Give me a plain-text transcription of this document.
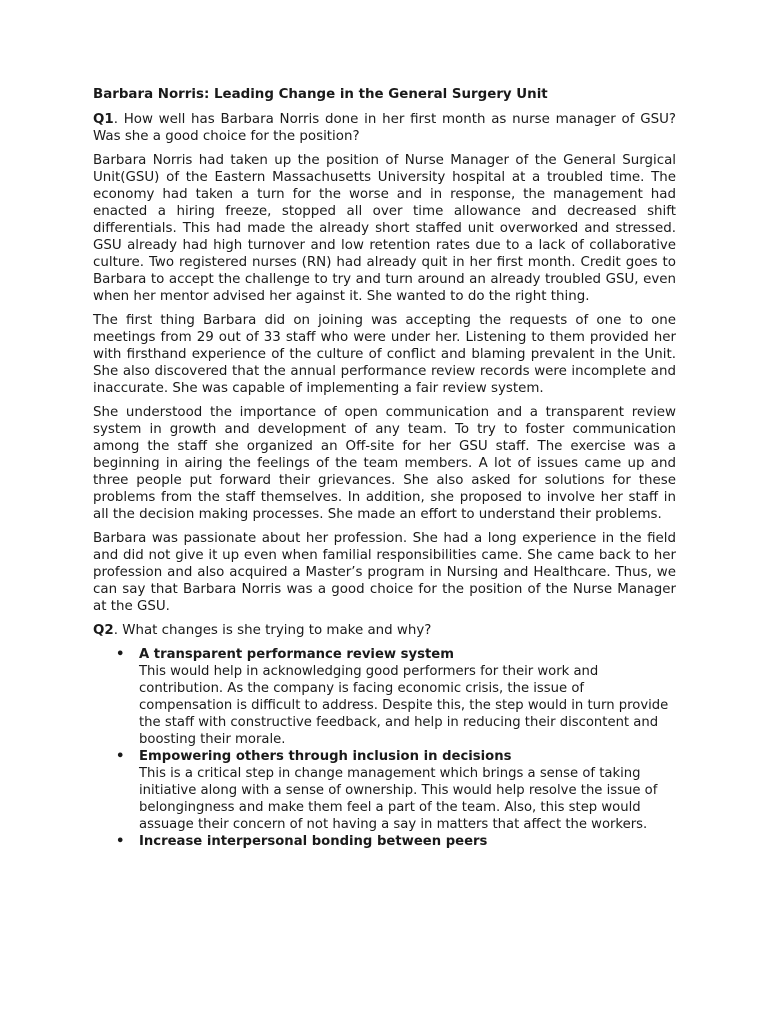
Barbara Norris: Leading Change in the General Surgery Unit

Q1. How well has Barbara Norris done in her first month as nurse manager of GSU? Was she a good choice for the position?

Barbara Norris had taken up the position of Nurse Manager of the General Surgical Unit(GSU) of the Eastern Massachusetts University hospital at a troubled time. The economy had taken a turn for the worse and in response, the management had enacted a hiring freeze, stopped all over time allowance and decreased shift differentials. This had made the already short staffed unit overworked and stressed. GSU already had high turnover and low retention rates due to a lack of collaborative culture. Two registered nurses (RN) had already quit in her first month. Credit goes to Barbara to accept the challenge to try and turn around an already troubled GSU, even when her mentor advised her against it. She wanted to do the right thing.

The first thing Barbara did on joining was accepting the requests of one to one meetings from 29 out of 33 staff who were under her. Listening to them provided her with firsthand experience of the culture of conflict and blaming prevalent in the Unit. She also discovered that the annual performance review records were incomplete and inaccurate. She was capable of implementing a fair review system.

She understood the importance of open communication and a transparent review system in growth and development of any team. To try to foster communication among the staff she organized an Off-site for her GSU staff. The exercise was a beginning in airing the feelings of the team members. A lot of issues came up and three people put forward their grievances. She also asked for solutions for these problems from the staff themselves. In addition, she proposed to involve her staff in all the decision making processes. She made an effort to understand their problems.

Barbara was passionate about her profession. She had a long experience in the field and did not give it up even when familial responsibilities came. She came back to her profession and also acquired a Master’s program in Nursing and Healthcare. Thus, we can say that Barbara Norris was a good choice for the position of the Nurse Manager at the GSU.

Q2. What changes is she trying to make and why?

• A transparent performance review system
This would help in acknowledging good performers for their work and contribution. As the company is facing economic crisis, the issue of compensation is difficult to address. Despite this, the step would in turn provide the staff with constructive feedback, and help in reducing their discontent and boosting their morale.
• Empowering others through inclusion in decisions
This is a critical step in change management which brings a sense of taking initiative along with a sense of ownership. This would help resolve the issue of belongingness and make them feel a part of the team. Also, this step would assuage their concern of not having a say in matters that affect the workers.
• Increase interpersonal bonding between peers
